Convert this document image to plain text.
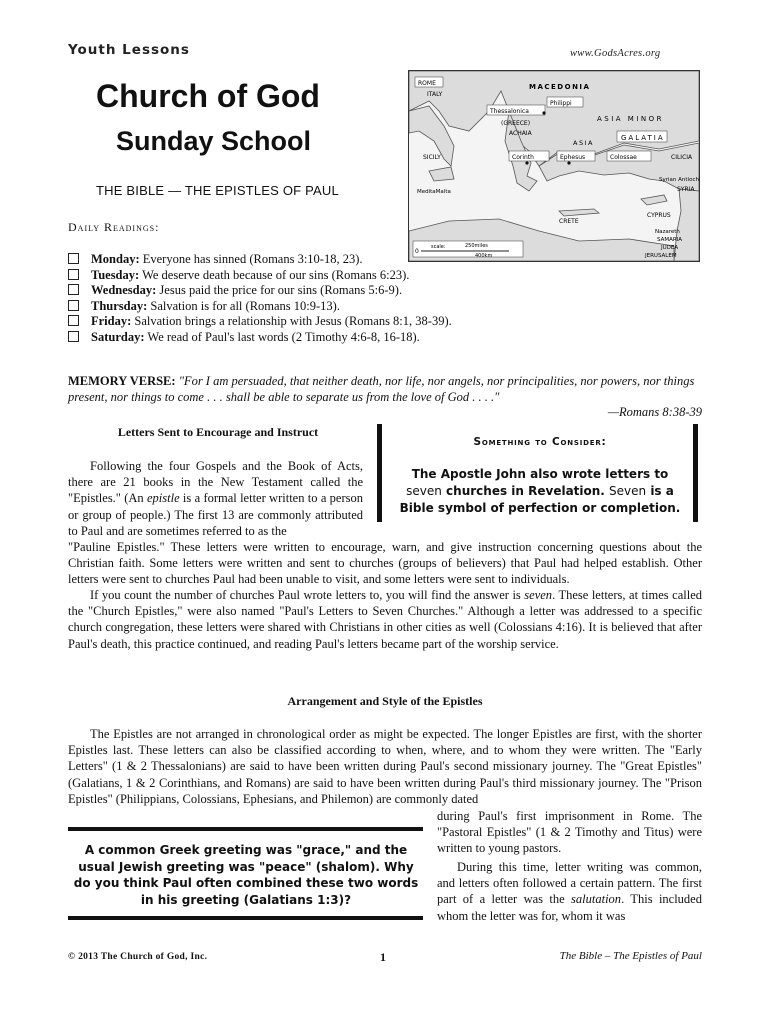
Youth Lessons	www.GodsAcres.org
Church of God
Sunday School
THE BIBLE — THE EPISTLES OF PAUL
Daily Readings:
Monday: Everyone has sinned (Romans 3:10-18, 23).
Tuesday: We deserve death because of our sins (Romans 6:23).
Wednesday: Jesus paid the price for our sins (Romans 5:6-9).
Thursday: Salvation is for all (Romans 10:9-13).
Friday: Salvation brings a relationship with Jesus (Romans 8:1, 38-39).
Saturday: We read of Paul's last words (2 Timothy 4:6-8, 16-18).
ROME
ITALY
MACEDONIA
Philippi
Thessalonica
(GREECE)
ACHAIA
ASIA MINOR
ASIA
GALATIA
SICILY	Corinth	Ephesus	Colossae	CILICIA
Syrian Antioch
SYRIA
MeditaMalta
CRETE
CYPRUS
Nazareth
SAMARIA
JUDEA
JERUSALEM
0
scale:	250miles
400km
MEMORY VERSE: "For I am persuaded, that neither death, nor life, nor angels, nor principalities, nor powers, nor things present, nor things to come . . . shall be able to separate us from the love of God . . . ."
—Romans 8:38-39
Letters Sent to Encourage and Instruct
Following the four Gospels and the Book of Acts, there are 21 books in the New Testament called the "Epistles." (An epistle is a formal letter written to a person or group of people.) The first 13 are commonly attributed to Paul and are sometimes referred to as the
"Pauline Epistles." These letters were written to encourage, warn, and give instruction concerning questions about the Christian faith. Some letters were written and sent to churches (groups of believers) that Paul had helped establish. Other letters were sent to churches Paul had been unable to visit, and some letters were sent to individuals.
If you count the number of churches Paul wrote letters to, you will find the answer is seven. These letters, at times called the "Church Epistles," were also named "Paul's Letters to Seven Churches." Although a letter was addressed to a specific church congregation, these letters were shared with Christians in other cities as well (Colossians 4:16). It is believed that after Paul's death, this practice continued, and reading Paul's letters became part of the worship service.
Something to Consider:
The Apostle John also wrote letters to
seven churches in Revelation. Seven is a Bible symbol of perfection or completion.
Arrangement and Style of the Epistles
The Epistles are not arranged in chronological order as might be expected. The longer Epistles are first, with the shorter Epistles last. These letters can also be classified according to when, where, and to whom they were written. The "Early Letters" (1 & 2 Thessalonians) are said to have been written during Paul's second missionary journey. The "Great Epistles" (Galatians, 1 & 2 Corinthians, and Romans) are said to have been written during Paul's third missionary journey. The "Prison Epistles" (Philippians, Colossians, Ephesians, and Philemon) are commonly dated
during Paul's first imprisonment in Rome. The "Pastoral Epistles" (1 & 2 Timothy and Titus) were written to young pastors.
During this time, letter writing was common, and letters often followed a certain pattern. The first part of a letter was the salutation. This included whom the letter was for, whom it was
A common Greek greeting was "grace," and the usual Jewish greeting was "peace" (shalom). Why do you think Paul often combined these two words in his greeting (Galatians 1:3)?
© 2013 The Church of God, Inc.	1	The Bible – The Epistles of Paul
